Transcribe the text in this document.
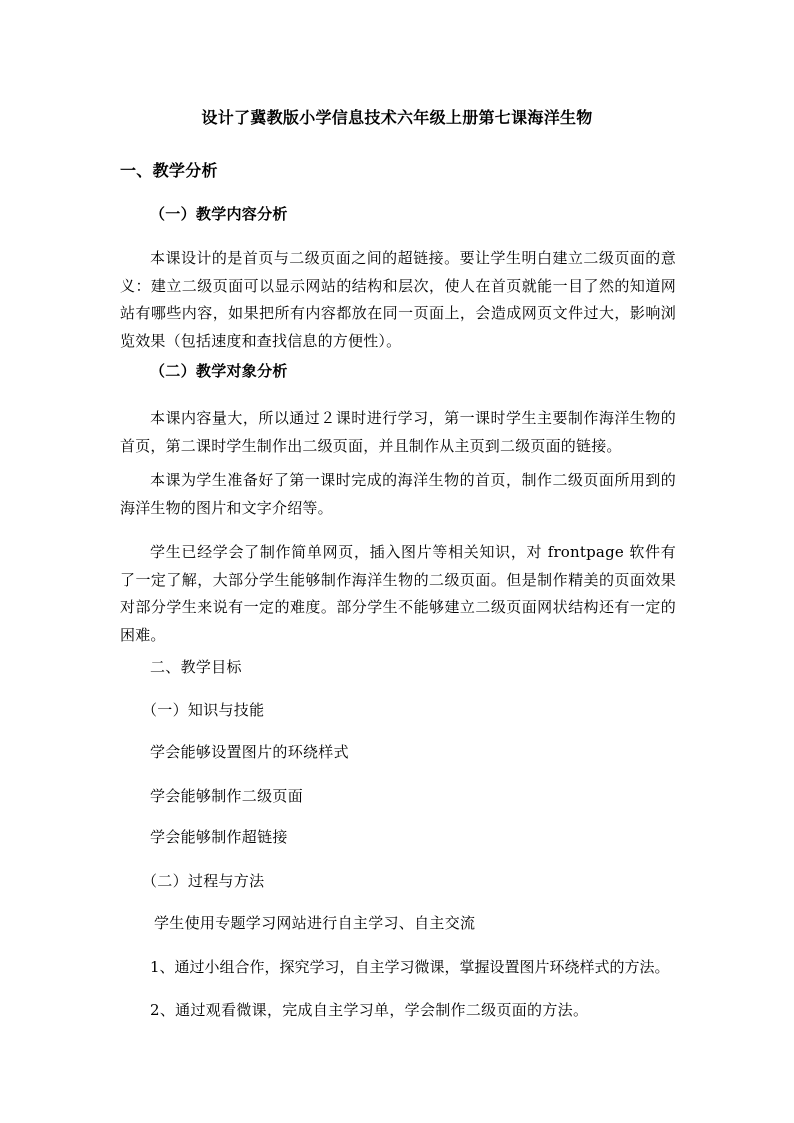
设计了冀教版小学信息技术六年级上册第七课海洋生物
一、教学分析
（一）教学内容分析
本课设计的是首页与二级页面之间的超链接。要让学生明白建立二级页面的意义：建立二级页面可以显示网站的结构和层次，使人在首页就能一目了然的知道网站有哪些内容，如果把所有内容都放在同一页面上，会造成网页文件过大，影响浏览效果（包括速度和查找信息的方便性）。
（二）教学对象分析
本课内容量大，所以通过２课时进行学习，第一课时学生主要制作海洋生物的首页，第二课时学生制作出二级页面，并且制作从主页到二级页面的链接。
本课为学生准备好了第一课时完成的海洋生物的首页，制作二级页面所用到的海洋生物的图片和文字介绍等。
学生已经学会了制作简单网页，插入图片等相关知识，对 frontpage 软件有了一定了解，大部分学生能够制作海洋生物的二级页面。但是制作精美的页面效果对部分学生来说有一定的难度。部分学生不能够建立二级页面网状结构还有一定的困难。
二、教学目标
（一）知识与技能
学会能够设置图片的环绕样式
学会能够制作二级页面
学会能够制作超链接
（二）过程与方法
学生使用专题学习网站进行自主学习、自主交流
1、通过小组合作，探究学习，自主学习微课，掌握设置图片环绕样式的方法。
2、通过观看微课，完成自主学习单，学会制作二级页面的方法。
